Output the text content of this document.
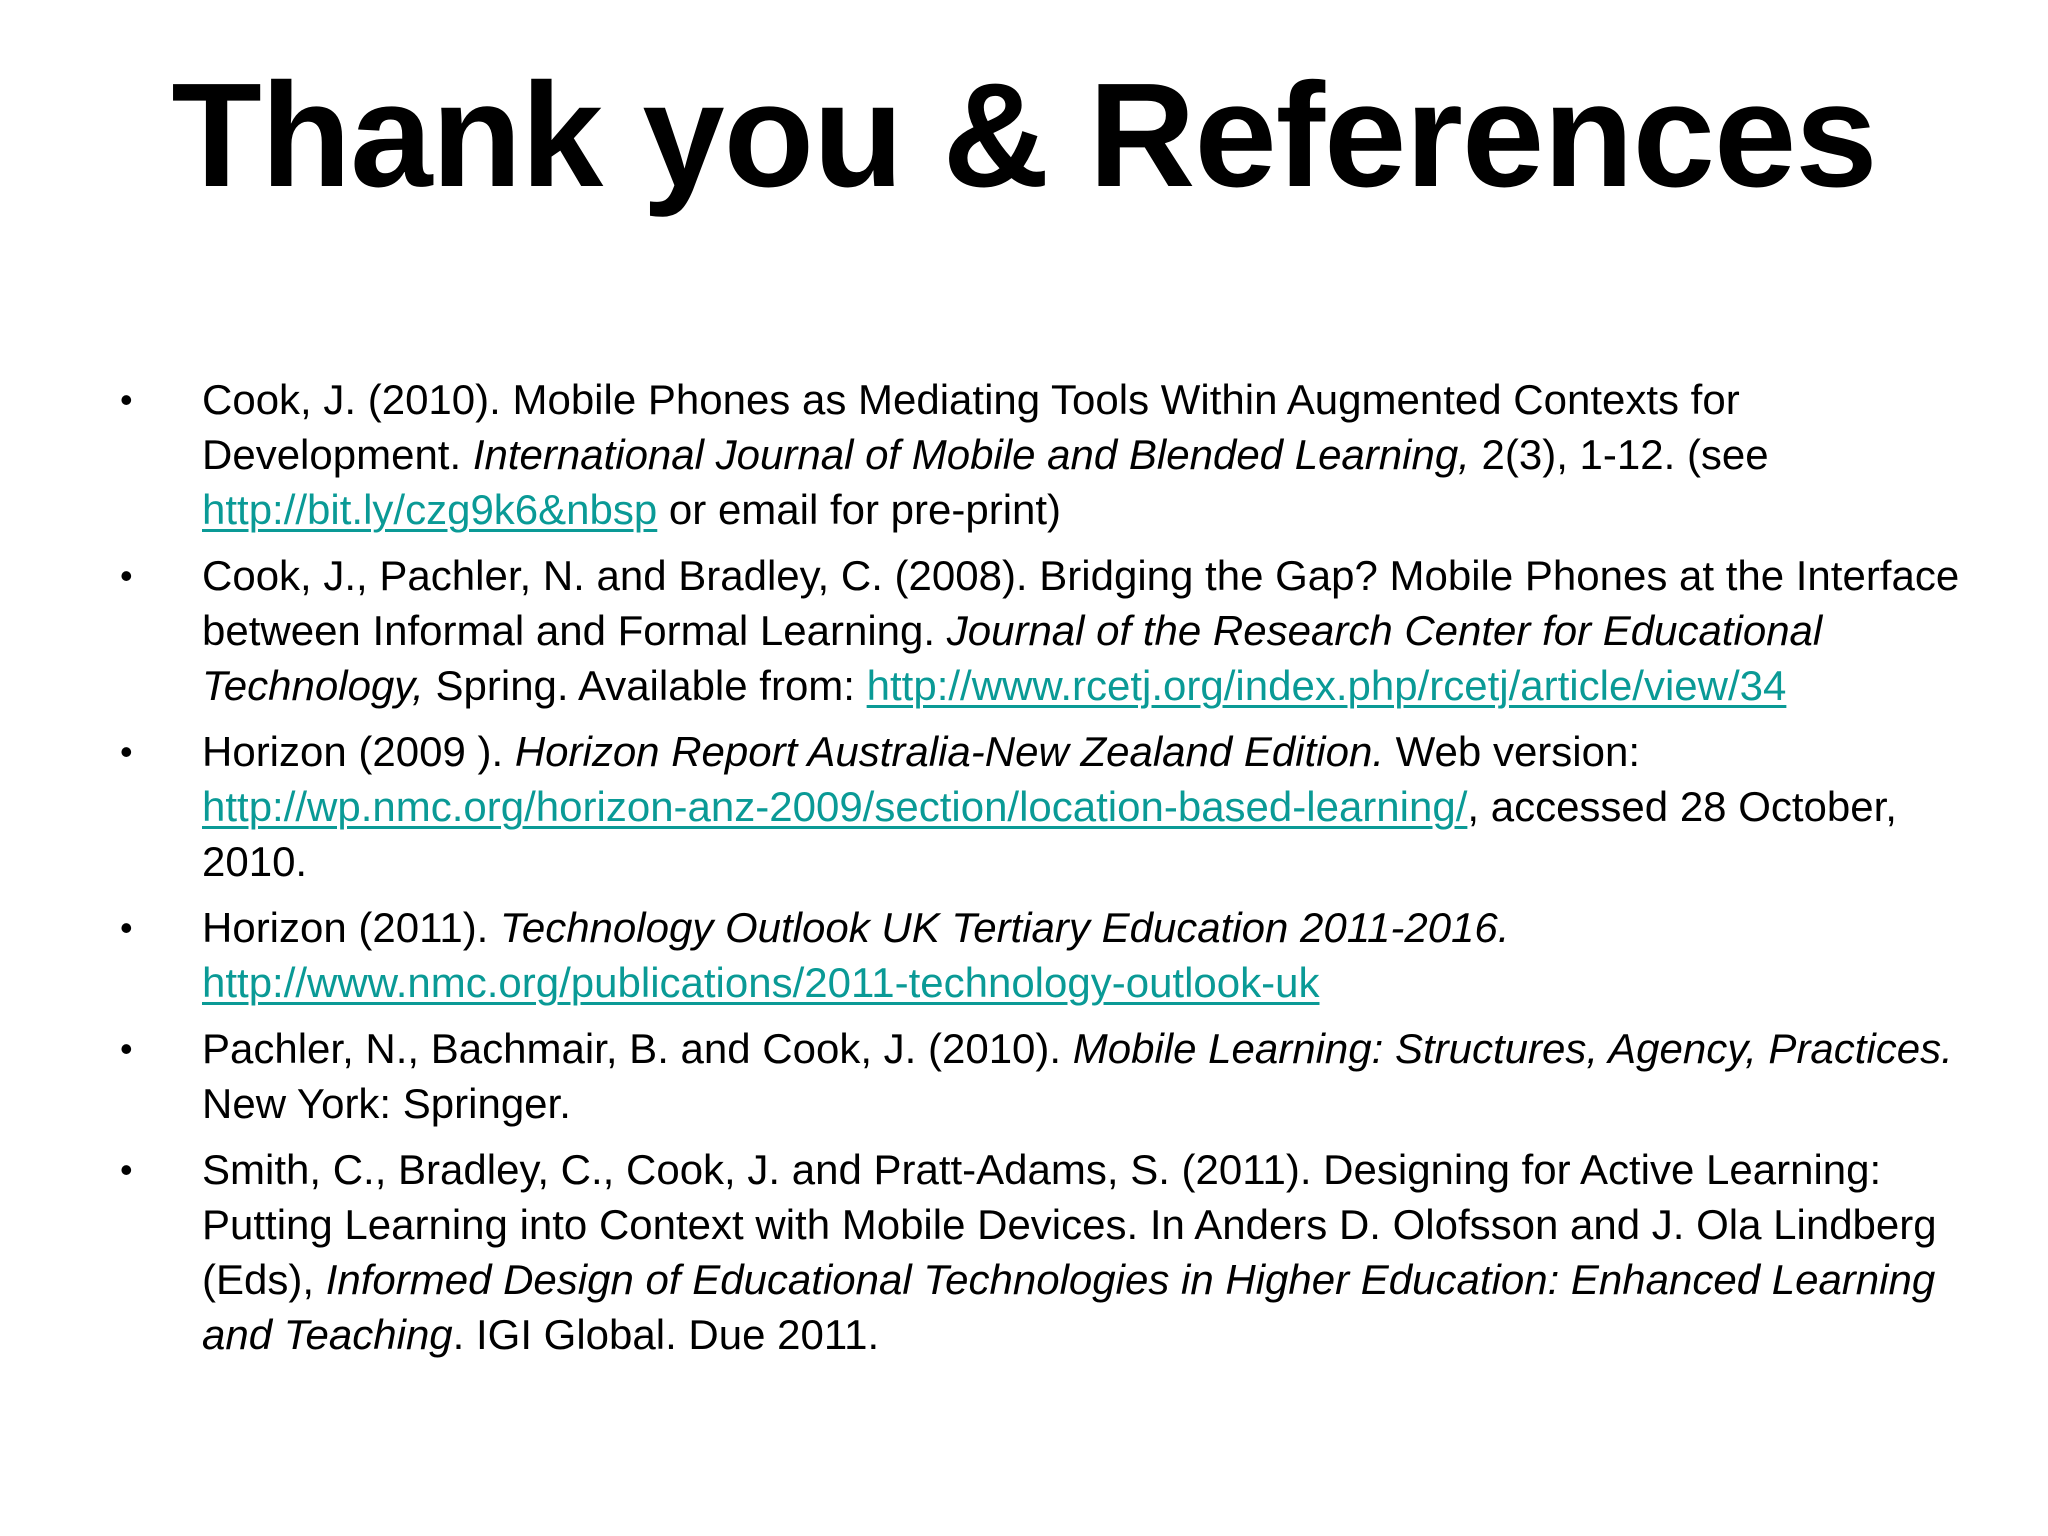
Thank you & References
•	Cook, J. (2010). Mobile Phones as Mediating Tools Within Augmented Contexts for Development. International Journal of Mobile and Blended Learning, 2(3), 1-12. (see http://bit.ly/czg9k6&nbsp or email for pre-print)
•	Cook, J., Pachler, N. and Bradley, C. (2008). Bridging the Gap? Mobile Phones at the Interface between Informal and Formal Learning. Journal of the Research Center for Educational Technology, Spring. Available from: http://www.rcetj.org/index.php/rcetj/article/view/34
•	Horizon (2009 ). Horizon Report Australia-New Zealand Edition. Web version: http://wp.nmc.org/horizon-anz-2009/section/location-based-learning/, accessed 28 October, 2010.
•	Horizon (2011). Technology Outlook UK Tertiary Education 2011-2016. http://www.nmc.org/publications/2011-technology-outlook-uk
•	Pachler, N., Bachmair, B. and Cook, J. (2010). Mobile Learning: Structures, Agency, Practices. New York: Springer.
•	Smith, C., Bradley, C., Cook, J. and Pratt-Adams, S. (2011). Designing for Active Learning: Putting Learning into Context with Mobile Devices. In Anders D. Olofsson and J. Ola Lindberg (Eds), Informed Design of Educational Technologies in Higher Education: Enhanced Learning and Teaching. IGI Global. Due 2011.
